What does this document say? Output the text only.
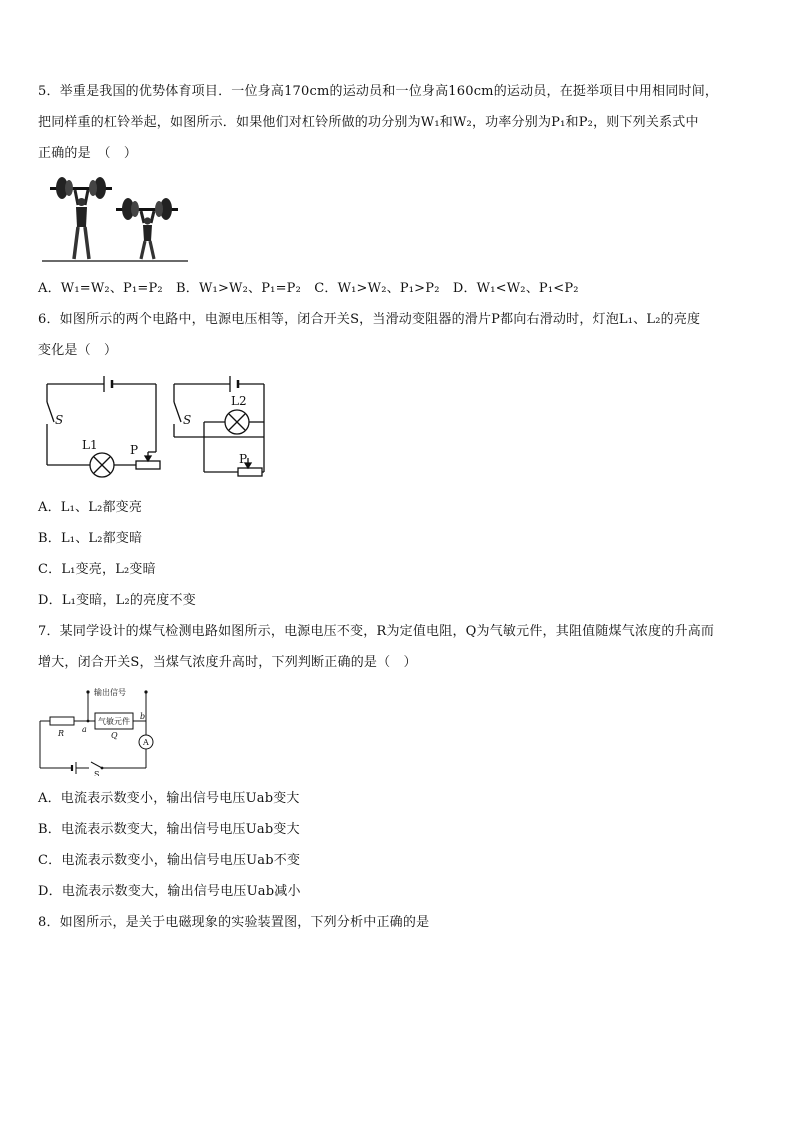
5．举重是我国的优势体育项目．一位身高170cm的运动员和一位身高160cm的运动员，在挺举项目中用相同时间，
把同样重的杠铃举起，如图所示．如果他们对杠铃所做的功分别为W₁和W₂，功率分别为P₁和P₂，则下列关系式中
正确的是　（　）
A．W₁=W₂、P₁=P₂　B．W₁>W₂、P₁=P₂　C．W₁>W₂、P₁>P₂　D．W₁<W₂、P₁<P₂
6．如图所示的两个电路中，电源电压相等，闭合开关S，当滑动变阻器的滑片P都向右滑动时，灯泡L₁、L₂的亮度
变化是（　）
S
L1	P
S
L2
P
A．L₁、L₂都变亮
B．L₁、L₂都变暗
C．L₁变亮，L₂变暗
D．L₁变暗，L₂的亮度不变
7．某同学设计的煤气检测电路如图所示，电源电压不变，R为定值电阻，Q为气敏元件，其阻值随煤气浓度的升高而
增大，闭合开关S，当煤气浓度升高时，下列判断正确的是（　）
输出信号
气敏元件
R a
Q
b
A
S
A．电流表示数变小，输出信号电压Uab变大
B．电流表示数变大，输出信号电压Uab变大
C．电流表示数变小，输出信号电压Uab不变
D．电流表示数变大，输出信号电压Uab减小
8．如图所示，是关于电磁现象的实验装置图，下列分析中正确的是
